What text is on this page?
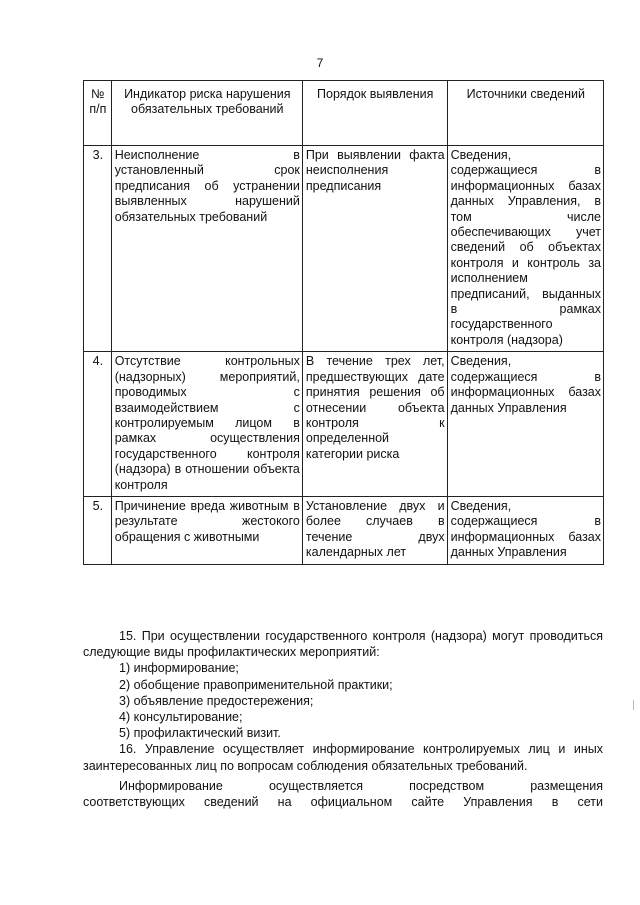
7
№ п/п	Индикатор риска нарушения обязательных требований	Порядок выявления	Источники сведений
3.	Неисполнение в установленный срок предписания об устранении выявленных нарушений обязательных требований	При выявлении факта неисполнения предписания	Сведения, содержащиеся в информационных базах данных Управления, в том числе обеспечивающих учет сведений об объектах контроля и контроль за исполнением предписаний, выданных в рамках государственного контроля (надзора)
4.	Отсутствие контрольных (надзорных) мероприятий, проводимых с взаимодействием с контролируемым лицом в рамках осуществления государственного контроля (надзора) в отношении объекта контроля	В течение трех лет, предшествующих дате принятия решения об отнесении объекта контроля к определенной категории риска	Сведения, содержащиеся в информационных базах данных Управления
5.	Причинение вреда животным в результате жестокого обращения с животными	Установление двух и более случаев в течение двух календарных лет	Сведения, содержащиеся в информационных базах данных Управления

15. При осуществлении государственного контроля (надзора) могут проводиться следующие виды профилактических мероприятий:

1) информирование;

2) обобщение правоприменительной практики;

3) объявление предостережения;

4) консультирование;

5) профилактический визит.

16. Управление осуществляет информирование контролируемых лиц и иных заинтересованных лиц по вопросам соблюдения обязательных требований.

Информирование осуществляется посредством размещения

соответствующих сведений на официальном сайте Управления в сети
